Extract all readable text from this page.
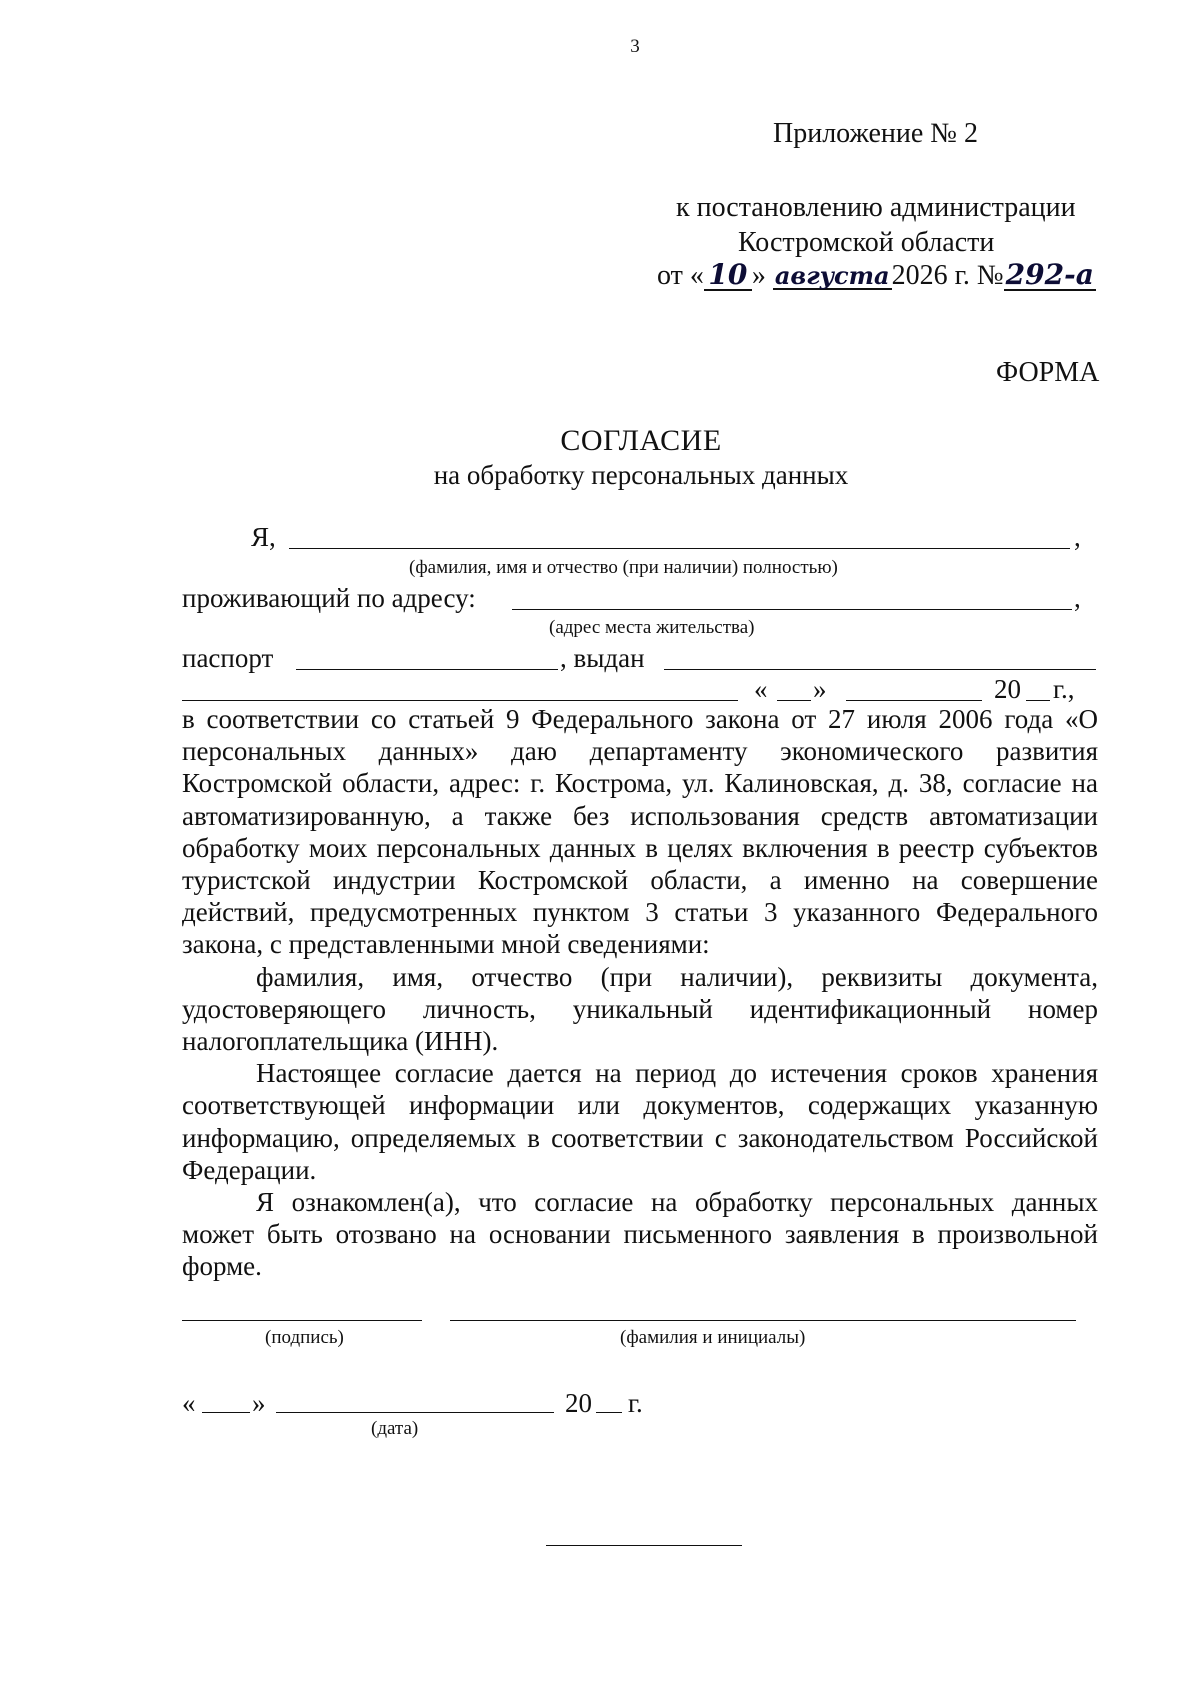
3
Приложение № 2
к постановлению администрации
Костромской области
от « 10 » августа2026 г. №292-а
ФОРМА
СОГЛАСИЕ
на обработку персональных данных
Я,	,
(фамилия, имя и отчество (при наличии) полностью)
проживающий по адресу:	,
(адрес места жительства)
паспорт	, выдан
« »	20 г.,

в соответствии со статьей 9 Федерального закона от 27 июля 2006 года «О персональных данных» даю департаменту экономического развития Костромской области, адрес: г. Кострома, ул. Калиновская, д. 38, согласие на автоматизированную, а также без использования средств автоматизации обработку моих персональных данных в целях включения в реестр субъектов туристской индустрии Костромской области, а именно на совершение действий, предусмотренных пунктом 3 статьи 3 указанного Федерального закона, с представленными мной сведениями:

фамилия, имя, отчество (при наличии), реквизиты документа, удостоверяющего личность, уникальный идентификационный номер налогоплательщика (ИНН).

Настоящее согласие дается на период до истечения сроков хранения соответствующей информации или документов, содержащих указанную информацию, определяемых в соответствии с законодательством Российской Федерации.

Я ознакомлен(а), что согласие на обработку персональных данных может быть отозвано на основании письменного заявления в произвольной форме.

(подпись)	(фамилия и инициалы)
« »	20 г.
(дата)
